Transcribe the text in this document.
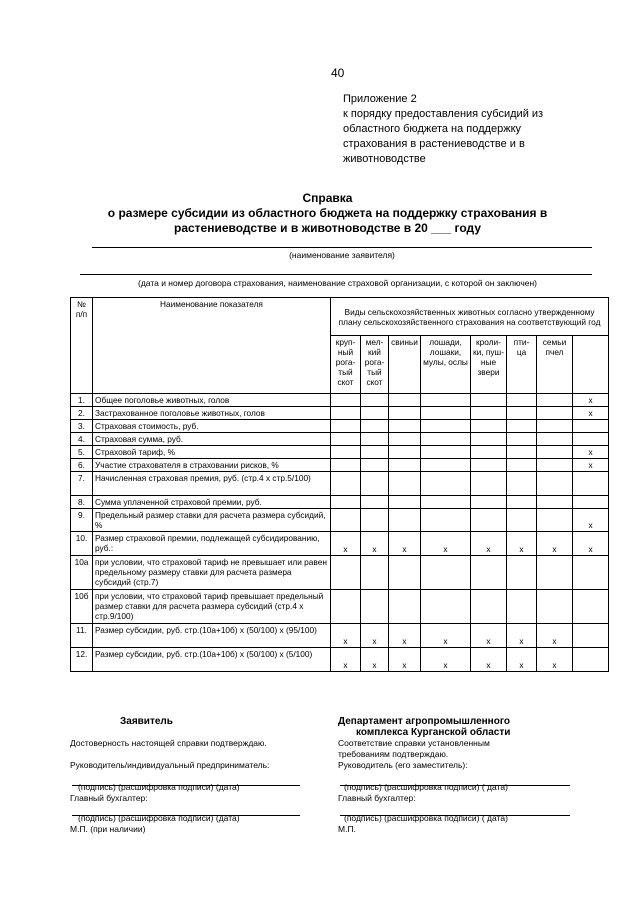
40
Приложение 2
к порядку предоставления субсидий из
областного бюджета на поддержку
страхования в растениеводстве и в
животноводстве
Справка
о размере субсидии из областного бюджета на поддержку страхования в
растениеводстве и в животноводстве в 20 ___ году
(наименование заявителя)
(дата и номер договора страхования, наименование страховой организации, с которой он заключен)
№ п/п	Наименование показателя	Виды сельскохозяйственных животных согласно утвержденному плану сельскохозяйственного страхования на соответствующий год							
		круп-ный рога-тый скот	мел-кий рога-тый скот	свиньи	лошади, лошаки, мулы, ослы	кроли-ки, пуш-ные звери	пти-ца	семьи пчел	
1.	Общее поголовье животных, голов								x
2.	Застрахованное поголовье животных, голов								x
3.	Страховая стоимость, руб.								
4.	Страховая сумма, руб.								
5.	Страховой тариф, %								x
6.	Участие страхователя в страховании рисков, %								x
7.	Начисленная страховая премия, руб. (стр.4 х стр.5/100)								
8.	Сумма уплаченной страховой премии, руб.								
9.	Предельный размер ставки для расчета размера субсидий, %								x
10.	Размер страховой премии, подлежащей субсидированию, руб.:	x	x	x	x	x	x	x	x
10а	при условии, что страховой тариф не превышает или равен предельному размеру ставки для расчета размера субсидий (стр.7)								
10б	при условии, что страховой тариф превышает предельный размер ставки для расчета размера субсидий (стр.4 х стр.9/100)								
11.	Размер субсидии, руб. стр.(10а+10б) х (50/100) х (95/100)	x	x	x	x	x	x	x	
12.	Размер субсидии, руб. стр.(10а+10б) х (50/100) х (5/100)	x	x	x	x	x	x	x	
Заявитель
Достоверность настоящей справки подтверждаю.
Руководитель/индивидуальный предприниматель:
(подпись) (расшифровка подписи) (дата)
Главный бухгалтер:
(подпись) (расшифровка подписи) (дата)
М.П. (при наличии)
Департамент агропромышленного
комплекса Курганской области
Соответствие справки установленным
требованиям подтверждаю.
Руководитель (его заместитель):
(подпись) (расшифровка подписи) ( дата)
Главный бухгалтер:
(подпись) (расшифровка подписи) ( дата)
М.П.
